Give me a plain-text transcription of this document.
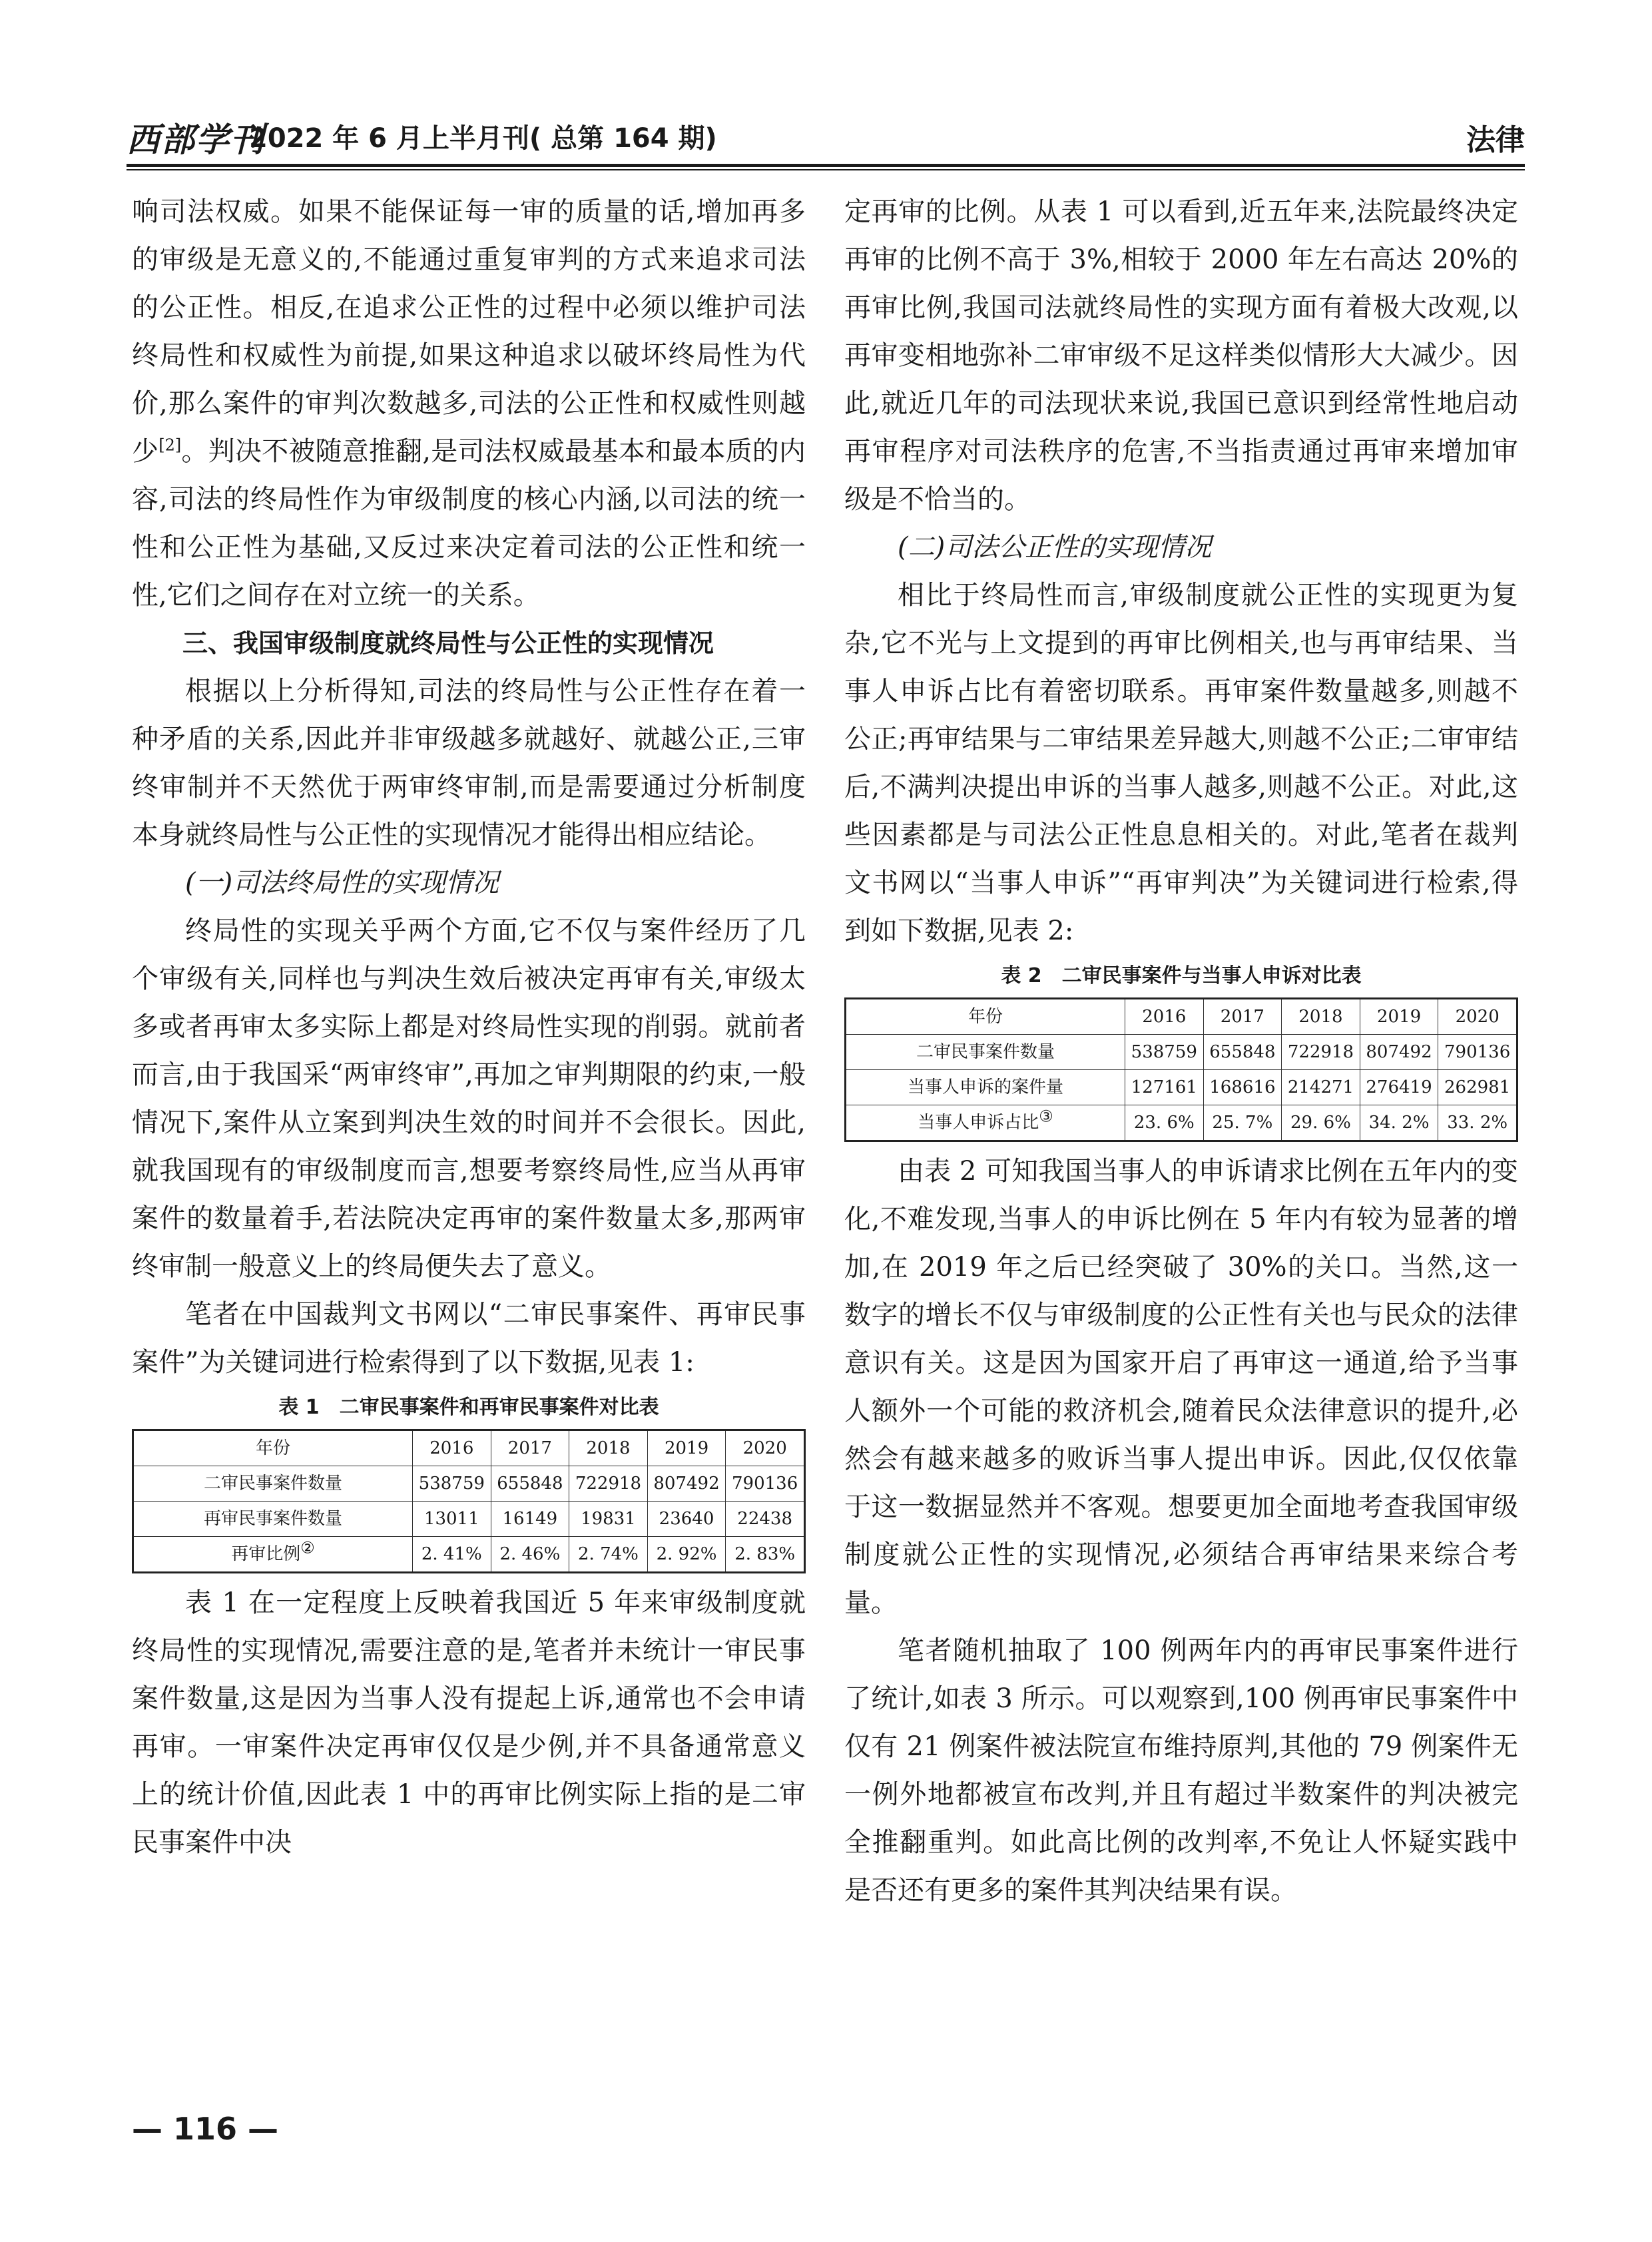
西部学刊
2022 年 6 月上半月刊( 总第 164 期)	法律

响司法权威。如果不能保证每一审的质量的话,增加再多的审级是无意义的,不能通过重复审判的方式来追求司法的公正性。相反,在追求公正性的过程中必须以维护司法终局性和权威性为前提,如果这种追求以破坏终局性为代价,那么案件的审判次数越多,司法的公正性和权威性则越少[2]。判决不被随意推翻,是司法权威最基本和最本质的内容,司法的终局性作为审级制度的核心内涵,以司法的统一性和公正性为基础,又反过来决定着司法的公正性和统一性,它们之间存在对立统一的关系。

三、我国审级制度就终局性与公正性的实现情况

根据以上分析得知,司法的终局性与公正性存在着一种矛盾的关系,因此并非审级越多就越好、就越公正,三审终审制并不天然优于两审终审制,而是需要通过分析制度本身就终局性与公正性的实现情况才能得出相应结论。

(一)司法终局性的实现情况

终局性的实现关乎两个方面,它不仅与案件经历了几个审级有关,同样也与判决生效后被决定再审有关,审级太多或者再审太多实际上都是对终局性实现的削弱。就前者而言,由于我国采“两审终审”,再加之审判期限的约束,一般情况下,案件从立案到判决生效的时间并不会很长。因此,就我国现有的审级制度而言,想要考察终局性,应当从再审案件的数量着手,若法院决定再审的案件数量太多,那两审终审制一般意义上的终局便失去了意义。

笔者在中国裁判文书网以“二审民事案件、再审民事案件”为关键词进行检索得到了以下数据,见表 1:

表 1　二审民事案件和再审民事案件对比表
年份	2016	2017	2018	2019	2020
二审民事案件数量	538759	655848	722918	807492	790136
再审民事案件数量	13011	16149	19831	23640	22438
再审比例②	2. 41%	2. 46%	2. 74%	2. 92%	2. 83%

表 1 在一定程度上反映着我国近 5 年来审级制度就终局性的实现情况,需要注意的是,笔者并未统计一审民事案件数量,这是因为当事人没有提起上诉,通常也不会申请再审。一审案件决定再审仅仅是少例,并不具备通常意义上的统计价值,因此表 1 中的再审比例实际上指的是二审民事案件中决

定再审的比例。从表 1 可以看到,近五年来,法院最终决定再审的比例不高于 3%,相较于 2000 年左右高达 20%的再审比例,我国司法就终局性的实现方面有着极大改观,以再审变相地弥补二审审级不足这样类似情形大大减少。因此,就近几年的司法现状来说,我国已意识到经常性地启动再审程序对司法秩序的危害,不当指责通过再审来增加审级是不恰当的。

(二)司法公正性的实现情况

相比于终局性而言,审级制度就公正性的实现更为复杂,它不光与上文提到的再审比例相关,也与再审结果、当事人申诉占比有着密切联系。再审案件数量越多,则越不公正;再审结果与二审结果差异越大,则越不公正;二审审结后,不满判决提出申诉的当事人越多,则越不公正。对此,这些因素都是与司法公正性息息相关的。对此,笔者在裁判文书网以“当事人申诉”“再审判决”为关键词进行检索,得到如下数据,见表 2:

表 2　二审民事案件与当事人申诉对比表
年份	2016	2017	2018	2019	2020
二审民事案件数量	538759	655848	722918	807492	790136
当事人申诉的案件量	127161	168616	214271	276419	262981
当事人申诉占比③	23. 6%	25. 7%	29. 6%	34. 2%	33. 2%

由表 2 可知我国当事人的申诉请求比例在五年内的变化,不难发现,当事人的申诉比例在 5 年内有较为显著的增加,在 2019 年之后已经突破了 30%的关口。当然,这一数字的增长不仅与审级制度的公正性有关也与民众的法律意识有关。这是因为国家开启了再审这一通道,给予当事人额外一个可能的救济机会,随着民众法律意识的提升,必然会有越来越多的败诉当事人提出申诉。因此,仅仅依靠于这一数据显然并不客观。想要更加全面地考查我国审级制度就公正性的实现情况,必须结合再审结果来综合考量。

笔者随机抽取了 100 例两年内的再审民事案件进行了统计,如表 3 所示。可以观察到,100 例再审民事案件中仅有 21 例案件被法院宣布维持原判,其他的 79 例案件无一例外地都被宣布改判,并且有超过半数案件的判决被完全推翻重判。如此高比例的改判率,不免让人怀疑实践中是否还有更多的案件其判决结果有误。

— 116 —
